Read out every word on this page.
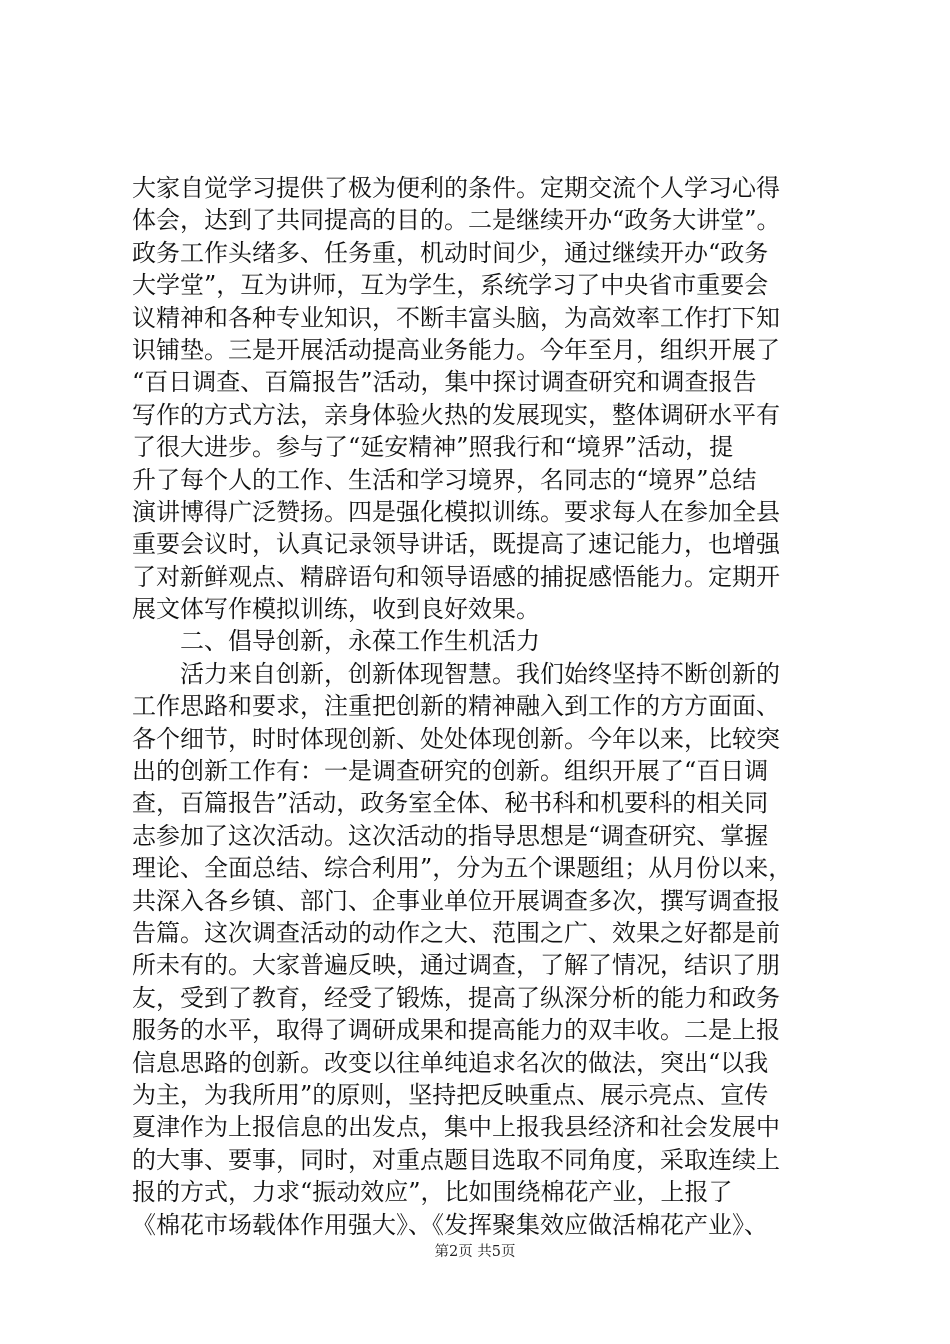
大家自觉学习提供了极为便利的条件。定期交流个人学习心得
体会，达到了共同提高的目的。二是继续开办“政务大讲堂”。
政务工作头绪多、任务重，机动时间少，通过继续开办“政务
大学堂”，互为讲师，互为学生，系统学习了中央省市重要会
议精神和各种专业知识，不断丰富头脑，为高效率工作打下知
识铺垫。三是开展活动提高业务能力。今年至月，组织开展了
“百日调查、百篇报告”活动，集中探讨调查研究和调查报告
写作的方式方法，亲身体验火热的发展现实，整体调研水平有
了很大进步。参与了“延安精神”照我行和“境界”活动，提
升了每个人的工作、生活和学习境界，名同志的“境界”总结
演讲博得广泛赞扬。四是强化模拟训练。要求每人在参加全县
重要会议时，认真记录领导讲话，既提高了速记能力，也增强
了对新鲜观点、精辟语句和领导语感的捕捉感悟能力。定期开
展文体写作模拟训练，收到良好效果。
　　二、倡导创新，永葆工作生机活力
　　活力来自创新，创新体现智慧。我们始终坚持不断创新的
工作思路和要求，注重把创新的精神融入到工作的方方面面、
各个细节，时时体现创新、处处体现创新。今年以来，比较突
出的创新工作有：一是调查研究的创新。组织开展了“百日调
查，百篇报告”活动，政务室全体、秘书科和机要科的相关同
志参加了这次活动。这次活动的指导思想是“调查研究、掌握
理论、全面总结、综合利用”，分为五个课题组；从月份以来，
共深入各乡镇、部门、企事业单位开展调查多次，撰写调查报
告篇。这次调查活动的动作之大、范围之广、效果之好都是前
所未有的。大家普遍反映，通过调查，了解了情况，结识了朋
友，受到了教育，经受了锻炼，提高了纵深分析的能力和政务
服务的水平，取得了调研成果和提高能力的双丰收。二是上报
信息思路的创新。改变以往单纯追求名次的做法，突出“以我
为主，为我所用”的原则，坚持把反映重点、展示亮点、宣传
夏津作为上报信息的出发点，集中上报我县经济和社会发展中
的大事、要事，同时，对重点题目选取不同角度，采取连续上
报的方式，力求“振动效应”，比如围绕棉花产业，上报了
《棉花市场载体作用强大》、《发挥聚集效应做活棉花产业》、
第2页 共5页
